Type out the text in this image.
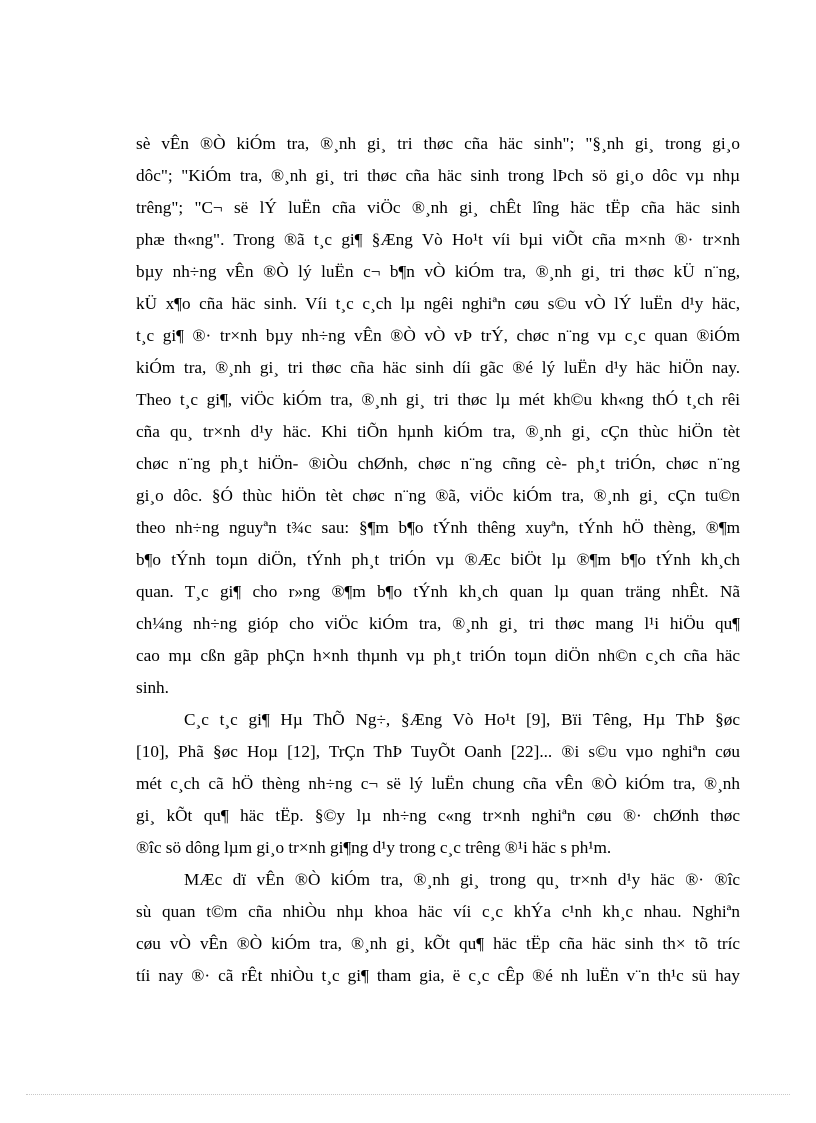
sè vÊn ®Ò kiÓm tra, ®¸nh gi¸ tri thøc cña häc sinh"; "§¸nh gi¸ trong gi¸o
dôc"; "KiÓm tra, ®¸nh gi¸ tri thøc cña häc sinh trong lÞch sö gi¸o dôc vµ nhµ
trêng"; "C¬ së lÝ luËn cña viÖc ®¸nh gi¸ chÊt lîng häc tËp cña häc sinh
phæ th«ng". Trong ®ã t¸c gi¶ §Æng Vò Ho¹t víi bµi viÕt cña m×nh ®· tr×nh
bµy nh÷ng vÊn ®Ò lý luËn c¬ b¶n vÒ kiÓm tra, ®¸nh gi¸ tri thøc kÜ n¨ng,
kÜ x¶o cña häc sinh. Víi t¸c c¸ch lµ ngêi nghiªn cøu s©u vÒ lÝ luËn d¹y häc,
t¸c gi¶ ®· tr×nh bµy nh÷ng vÊn ®Ò vÒ vÞ trÝ, chøc n¨ng vµ c¸c quan ®iÓm
kiÓm tra, ®¸nh gi¸ tri thøc cña häc sinh díi gãc ®é lý luËn d¹y häc hiÖn nay.
Theo t¸c gi¶, viÖc kiÓm tra, ®¸nh gi¸ tri thøc lµ mét kh©u kh«ng thÓ t¸ch rêi
cña qu¸ tr×nh d¹y häc. Khi tiÕn hµnh kiÓm tra, ®¸nh gi¸ cÇn thùc hiÖn tèt
chøc n¨ng ph¸t hiÖn- ®iÒu chØnh, chøc n¨ng cñng cè- ph¸t triÓn, chøc n¨ng
gi¸o dôc. §Ó thùc hiÖn tèt chøc n¨ng ®ã, viÖc kiÓm tra, ®¸nh gi¸ cÇn tu©n
theo nh÷ng nguyªn t¾c sau: §¶m b¶o tÝnh thêng xuyªn, tÝnh hÖ thèng, ®¶m
b¶o tÝnh toµn diÖn, tÝnh ph¸t triÓn vµ ®Æc biÖt lµ ®¶m b¶o tÝnh kh¸ch
quan. T¸c gi¶ cho r»ng ®¶m b¶o tÝnh kh¸ch quan lµ quan träng nhÊt. Nã
ch¼ng nh÷ng gióp cho viÖc kiÓm tra, ®¸nh gi¸ tri thøc mang l¹i hiÖu qu¶
cao mµ cßn gãp phÇn h×nh thµnh vµ ph¸t triÓn toµn diÖn nh©n c¸ch cña häc
sinh.
C¸c t¸c gi¶ Hµ ThÕ Ng÷, §Æng Vò Ho¹t [9], Bïi Têng, Hµ ThÞ §øc
[10], Phã §øc Hoµ [12], TrÇn ThÞ TuyÕt Oanh [22]... ®i s©u vµo nghiªn cøu
mét c¸ch cã hÖ thèng nh÷ng c¬ së lý luËn chung cña vÊn ®Ò kiÓm tra, ®¸nh
gi¸ kÕt qu¶ häc tËp. §©y lµ nh÷ng c«ng tr×nh nghiªn cøu ®· chØnh thøc
®îc sö dông lµm gi¸o tr×nh gi¶ng d¹y trong c¸c trêng ®¹i häc s ph¹m.
MÆc dï vÊn ®Ò kiÓm tra, ®¸nh gi¸ trong qu¸ tr×nh d¹y häc ®· ®îc
sù quan t©m cña nhiÒu nhµ khoa häc víi c¸c khÝa c¹nh kh¸c nhau. Nghiªn
cøu vÒ vÊn ®Ò kiÓm tra, ®¸nh gi¸ kÕt qu¶ häc tËp cña häc sinh th× tõ tríc
tíi nay ®· cã rÊt nhiÒu t¸c gi¶ tham gia, ë c¸c cÊp ®é nh luËn v¨n th¹c sü hay
